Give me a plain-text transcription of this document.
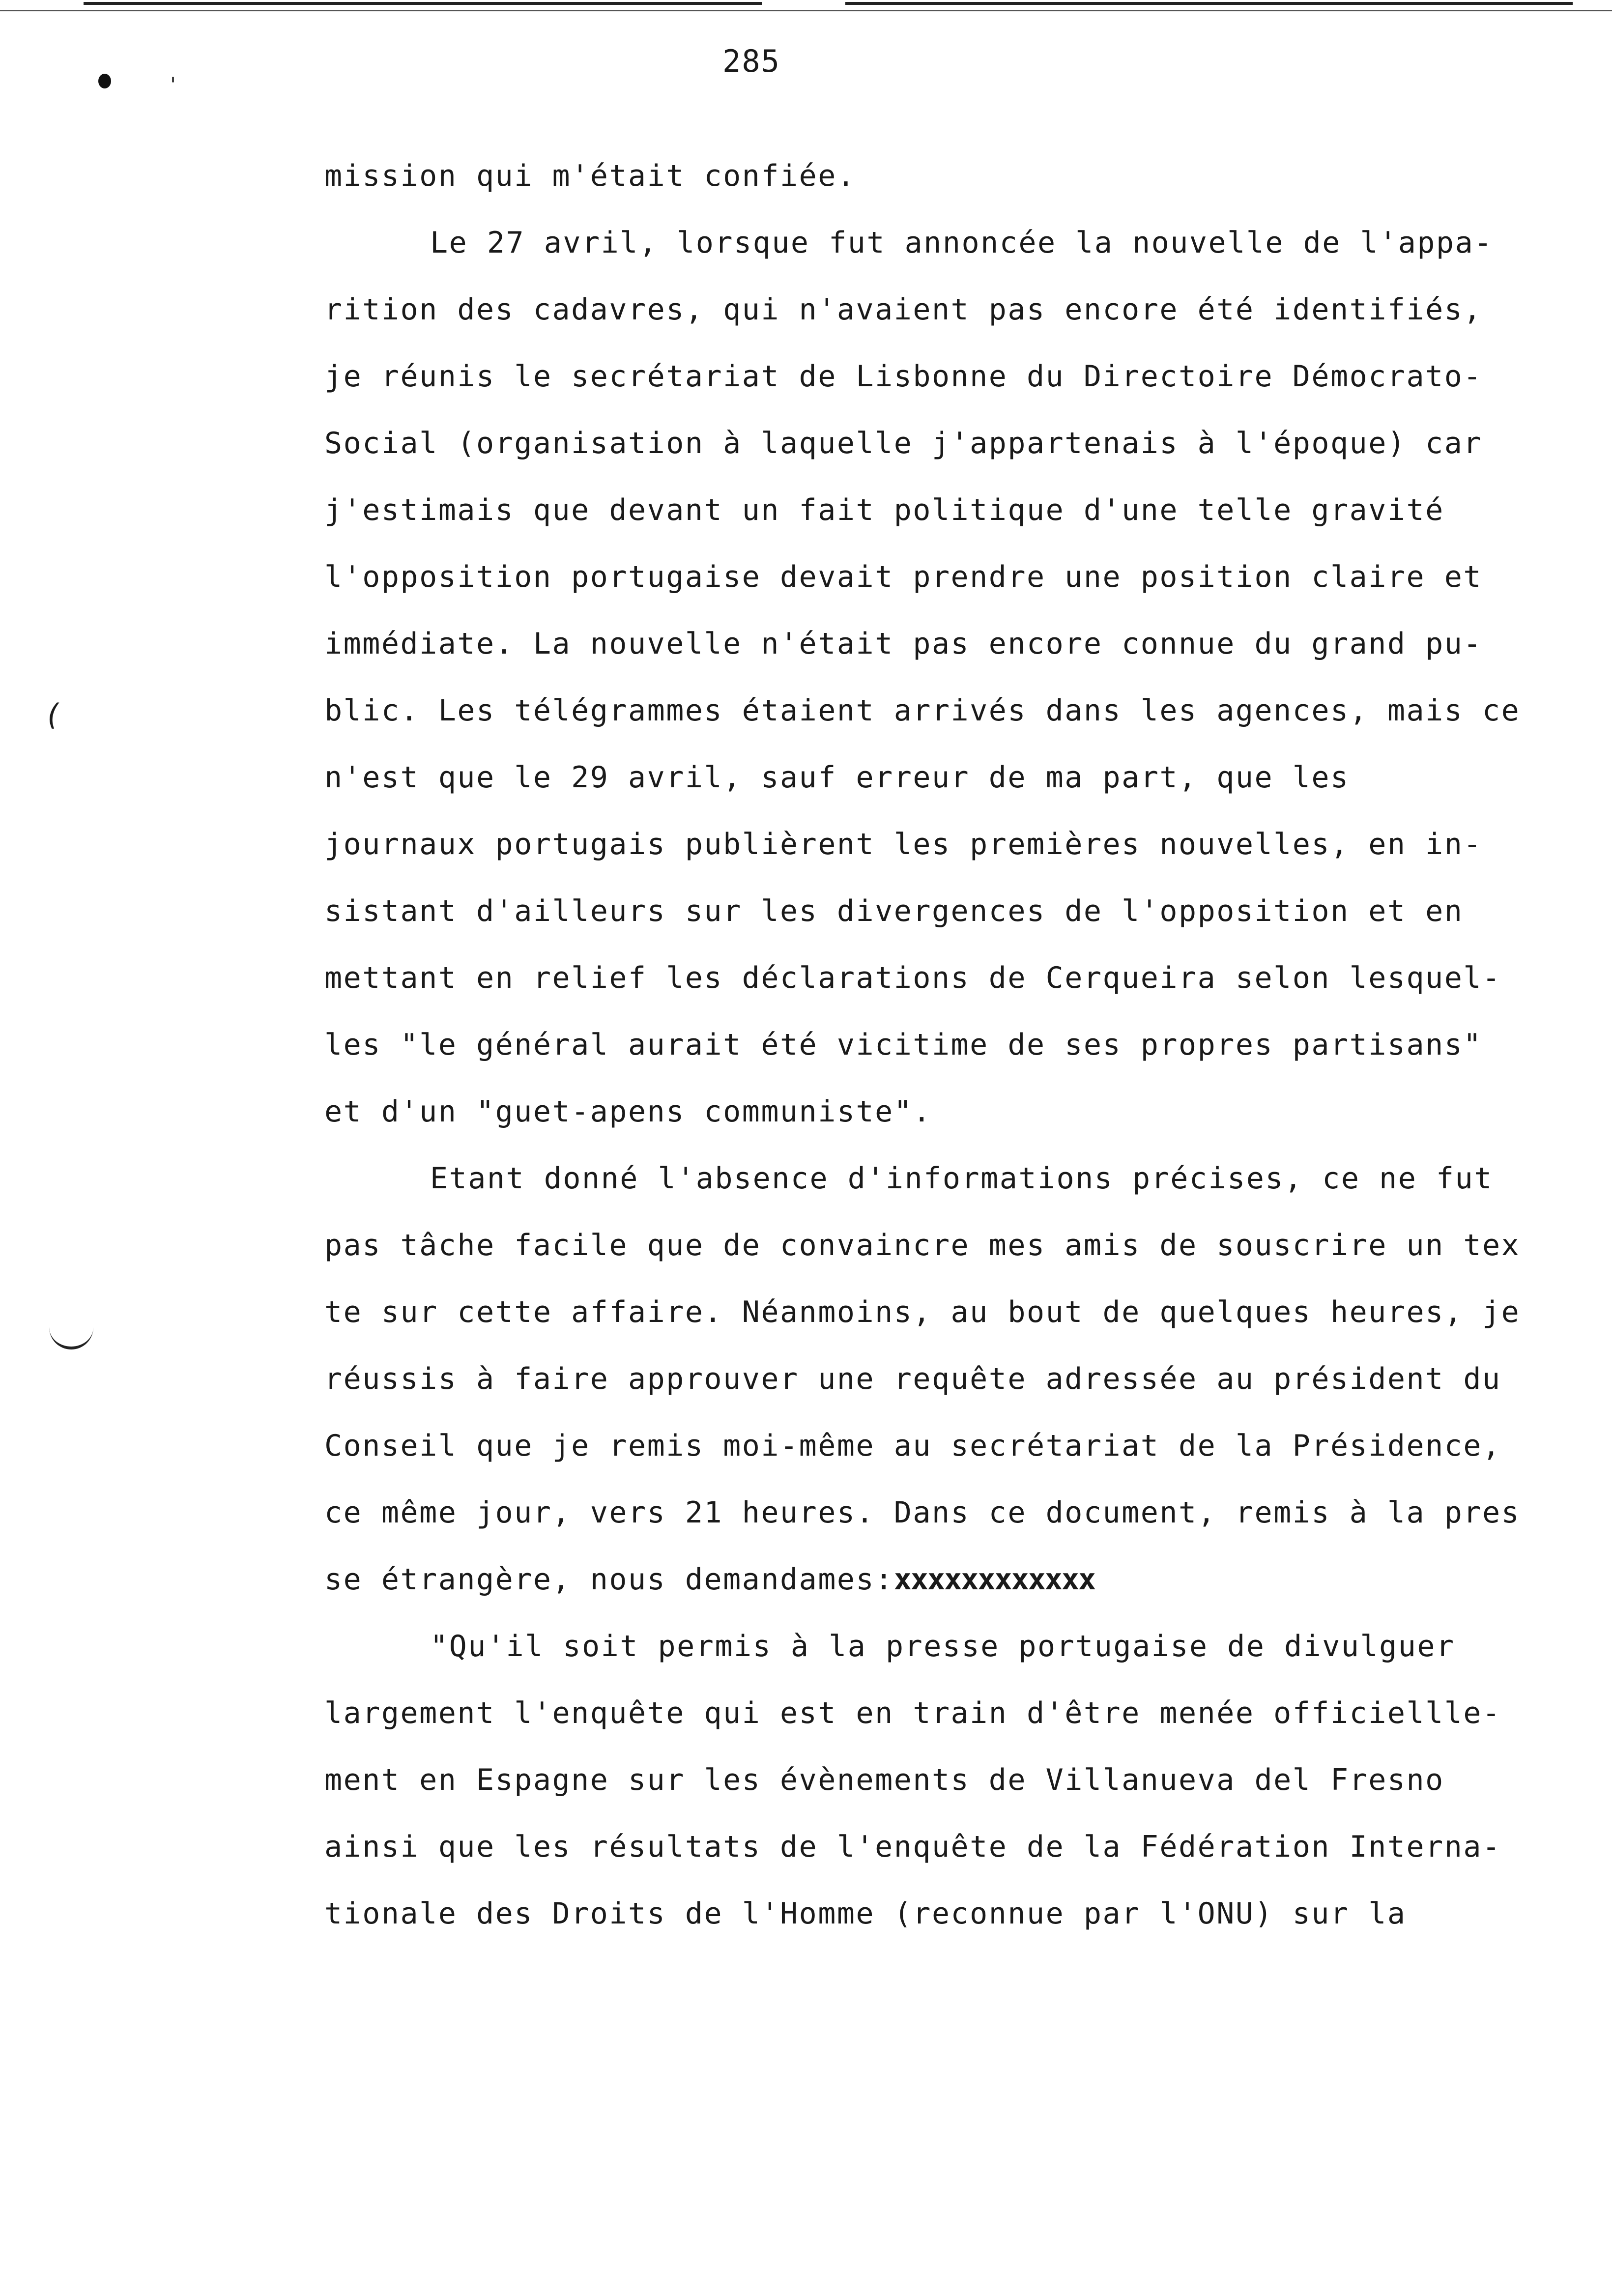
285
'
(
mission qui m'était confiée.
Le 27 avril, lorsque fut annoncée la nouvelle de l'appa-
rition des cadavres, qui n'avaient pas encore été identifiés,
je réunis le secrétariat de Lisbonne du Directoire Démocrato-
Social (organisation à laquelle j'appartenais à l'époque) car
j'estimais que devant un fait politique d'une telle gravité
l'opposition portugaise devait prendre une position claire et
immédiate. La nouvelle n'était pas encore connue du grand pu-
blic. Les télégrammes étaient arrivés dans les agences, mais ce
n'est que le 29 avril, sauf erreur de ma part, que les
journaux portugais publièrent les premières nouvelles, en in-
sistant d'ailleurs sur les divergences de l'opposition et en
mettant en relief les déclarations de Cerqueira selon lesquel-
les "le général aurait été vicitime de ses propres partisans"
et d'un "guet-apens communiste".
Etant donné l'absence d'informations précises, ce ne fut
pas tâche facile que de convaincre mes amis de souscrire un tex
te sur cette affaire. Néanmoins, au bout de quelques heures, je
réussis à faire approuver une requête adressée au président du
Conseil que je remis moi-même au secrétariat de la Présidence,
ce même jour, vers 21 heures. Dans ce document, remis à la pres
se étrangère, nous demandames:xxxxxxxxxxxx
"Qu'il soit permis à la presse portugaise de divulguer
largement l'enquête qui est en train d'être menée officiellle-
ment en Espagne sur les évènements de Villanueva del Fresno
ainsi que les résultats de l'enquête de la Fédération Interna-
tionale des Droits de l'Homme (reconnue par l'ONU) sur la
